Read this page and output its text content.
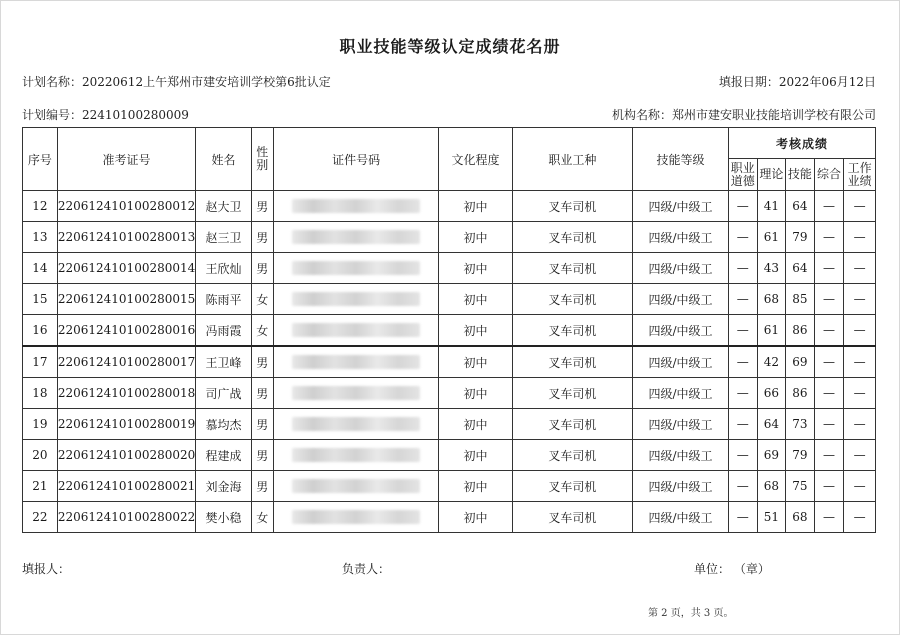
职业技能等级认定成绩花名册
计划名称：20220612上午郑州市建安培训学校第6批认定	填报日期：2022年06月12日
计划编号：22410100280009	机构名称：郑州市建安职业技能培训学校有限公司
序号	准考证号	姓名	性别	证件号码	文化程度	职业工种	技能等级	考核成绩				
								职业道德	理论	技能	综合	工作业绩
12	220612410100280012	赵大卫	男		初中	叉车司机	四级/中级工	—	41	64	—	—
13	220612410100280013	赵三卫	男		初中	叉车司机	四级/中级工	—	61	79	—	—
14	220612410100280014	王欣灿	男		初中	叉车司机	四级/中级工	—	43	64	—	—
15	220612410100280015	陈雨平	女		初中	叉车司机	四级/中级工	—	68	85	—	—
16	220612410100280016	冯雨霞	女		初中	叉车司机	四级/中级工	—	61	86	—	—
17	220612410100280017	王卫峰	男		初中	叉车司机	四级/中级工	—	42	69	—	—
18	220612410100280018	司广战	男		初中	叉车司机	四级/中级工	—	66	86	—	—
19	220612410100280019	慕均杰	男		初中	叉车司机	四级/中级工	—	64	73	—	—
20	220612410100280020	程建成	男		初中	叉车司机	四级/中级工	—	69	79	—	—
21	220612410100280021	刘金海	男		初中	叉车司机	四级/中级工	—	68	75	—	—
22	220612410100280022	樊小稳	女		初中	叉车司机	四级/中级工	—	51	68	—	—
填报人：	负责人：	单位： （章）
第 2 页，共 3 页。
